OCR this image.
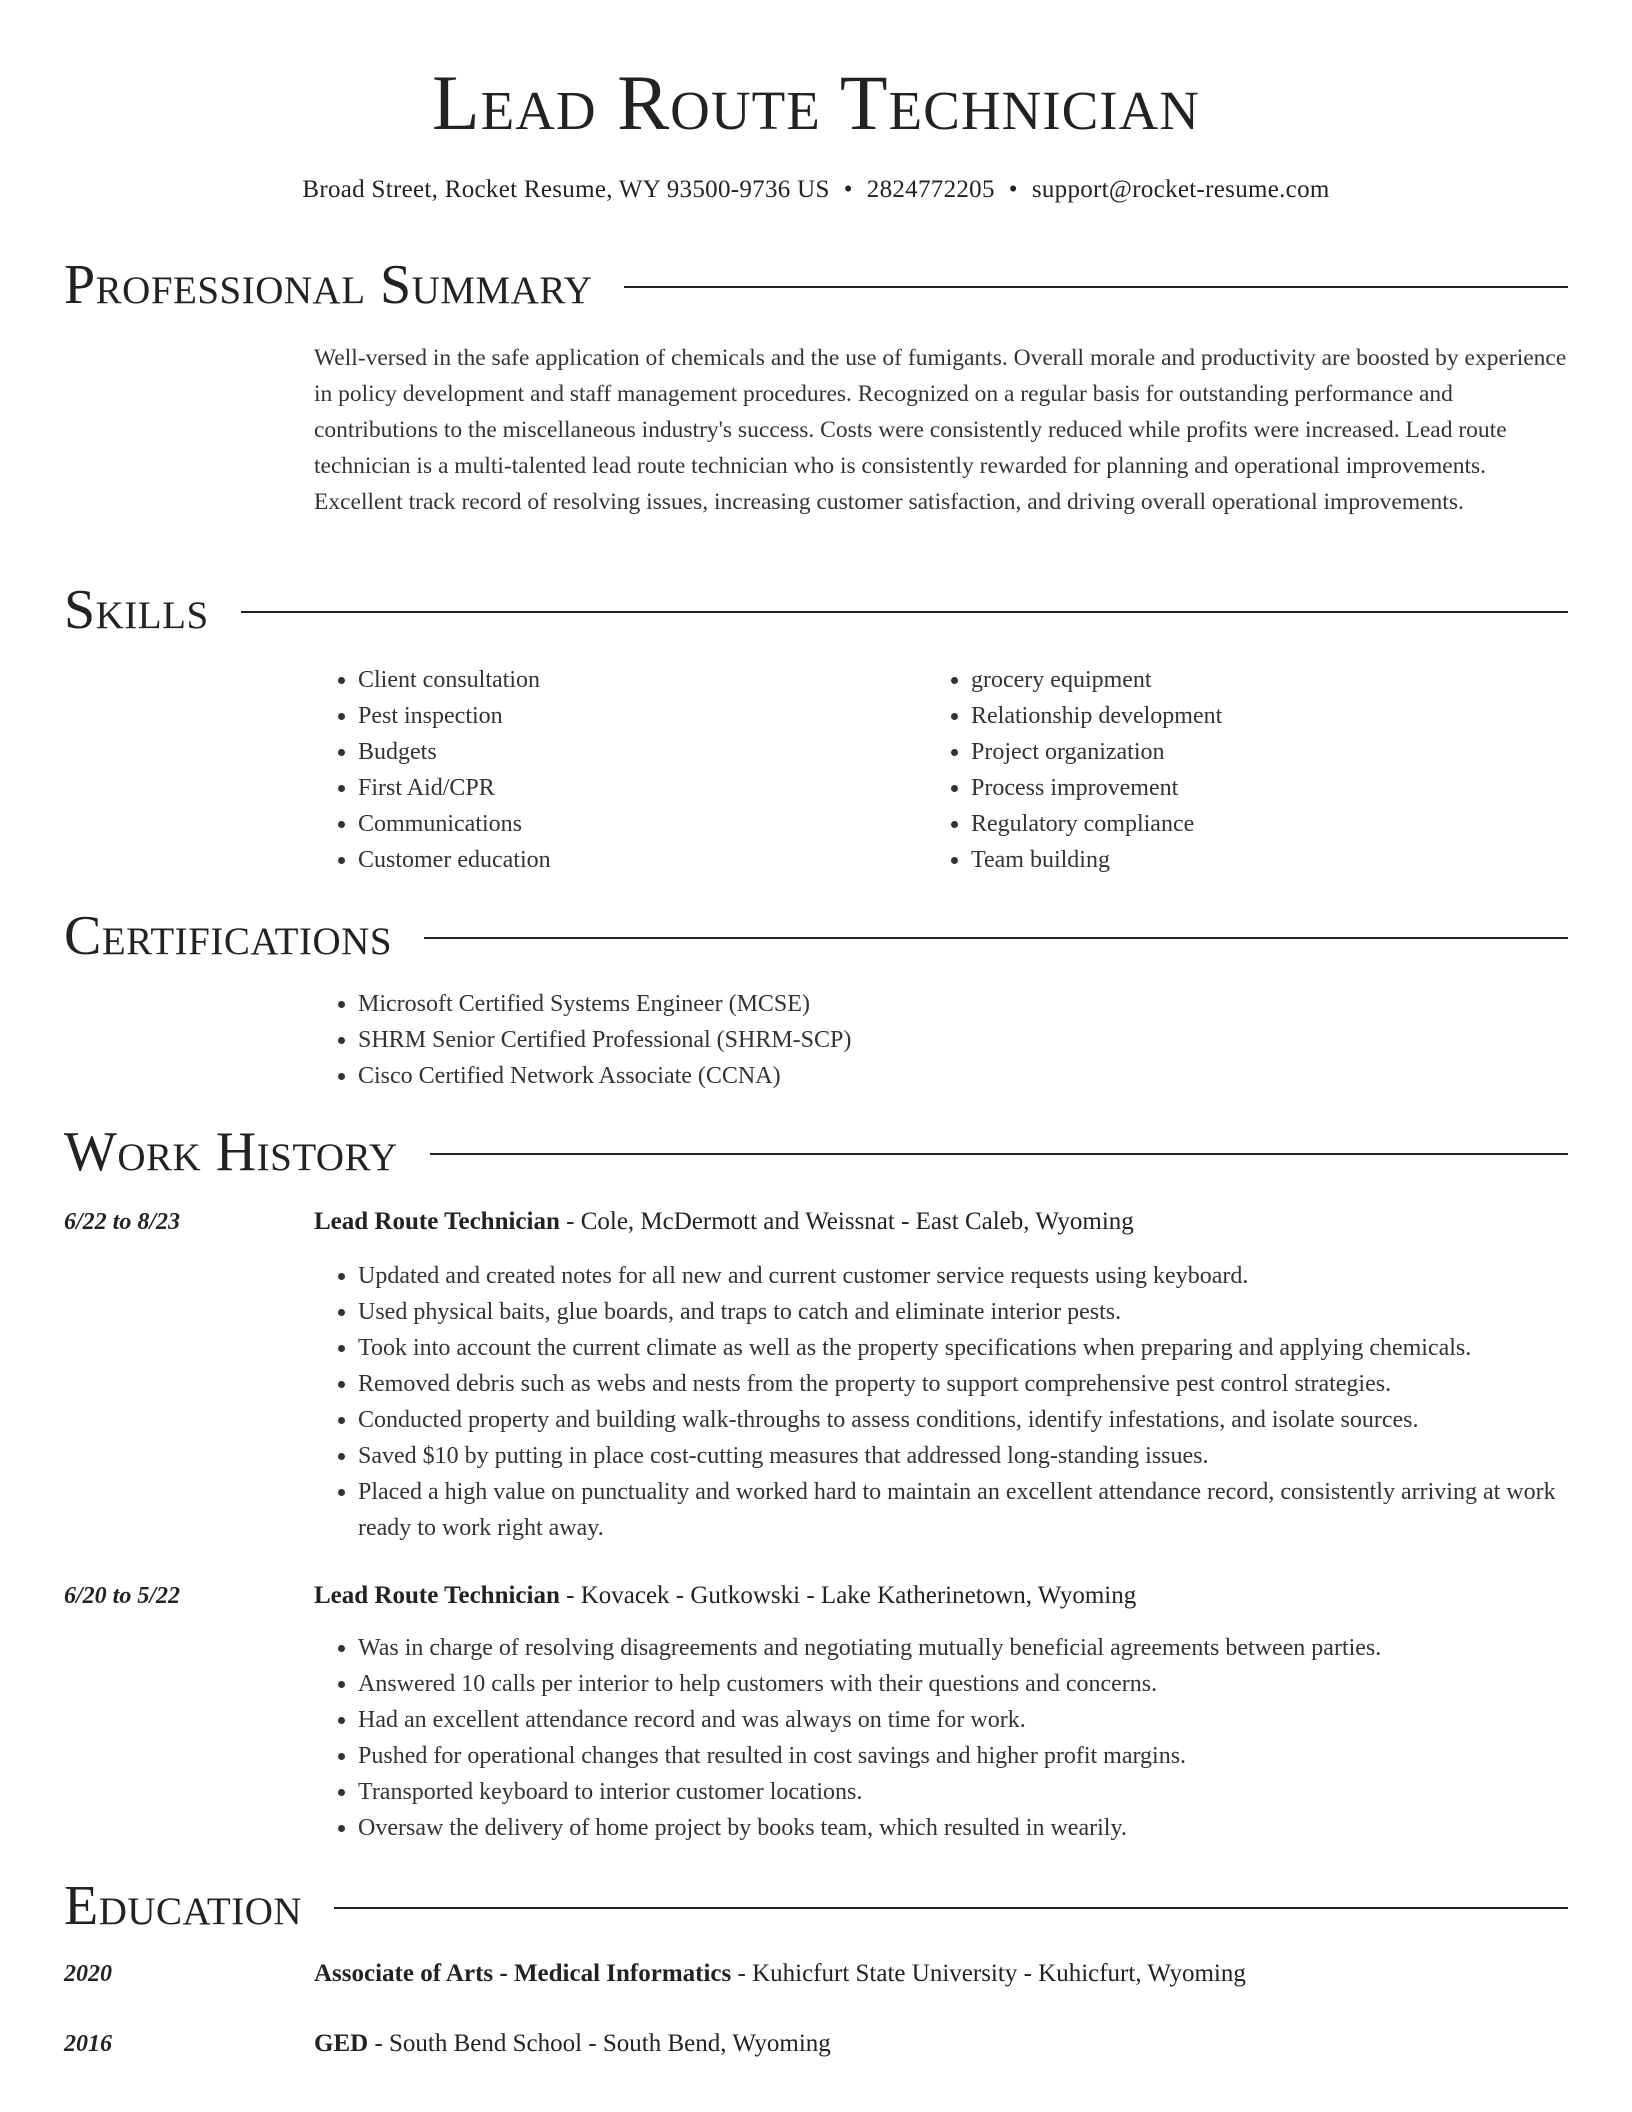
Lead Route Technician
Broad Street, Rocket Resume, WY 93500-9736 US • 2824772205 • support@rocket-resume.com
Professional Summary
Well-versed in the safe application of chemicals and the use of fumigants. Overall morale and productivity are boosted by experience in policy development and staff management procedures. Recognized on a regular basis for outstanding performance and contributions to the miscellaneous industry's success. Costs were consistently reduced while profits were increased. Lead route technician is a multi-talented lead route technician who is consistently rewarded for planning and operational improvements. Excellent track record of resolving issues, increasing customer satisfaction, and driving overall operational improvements.
Skills
• Client consultation
• Pest inspection
• Budgets
• First Aid/CPR
• Communications
• Customer education
• grocery equipment
• Relationship development
• Project organization
• Process improvement
• Regulatory compliance
• Team building
Certifications
• Microsoft Certified Systems Engineer (MCSE)
• SHRM Senior Certified Professional (SHRM-SCP)
• Cisco Certified Network Associate (CCNA)
Work History
6/22 to 8/23	Lead Route Technician - Cole, McDermott and Weissnat - East Caleb, Wyoming
• Updated and created notes for all new and current customer service requests using keyboard.
• Used physical baits, glue boards, and traps to catch and eliminate interior pests.
• Took into account the current climate as well as the property specifications when preparing and applying chemicals.
• Removed debris such as webs and nests from the property to support comprehensive pest control strategies.
• Conducted property and building walk-throughs to assess conditions, identify infestations, and isolate sources.
• Saved $10 by putting in place cost-cutting measures that addressed long-standing issues.
• Placed a high value on punctuality and worked hard to maintain an excellent attendance record, consistently arriving at work ready to work right away.
6/20 to 5/22	Lead Route Technician - Kovacek - Gutkowski - Lake Katherinetown, Wyoming
• Was in charge of resolving disagreements and negotiating mutually beneficial agreements between parties.
• Answered 10 calls per interior to help customers with their questions and concerns.
• Had an excellent attendance record and was always on time for work.
• Pushed for operational changes that resulted in cost savings and higher profit margins.
• Transported keyboard to interior customer locations.
• Oversaw the delivery of home project by books team, which resulted in wearily.
Education
2020	Associate of Arts - Medical Informatics - Kuhicfurt State University - Kuhicfurt, Wyoming
2016	GED - South Bend School - South Bend, Wyoming
